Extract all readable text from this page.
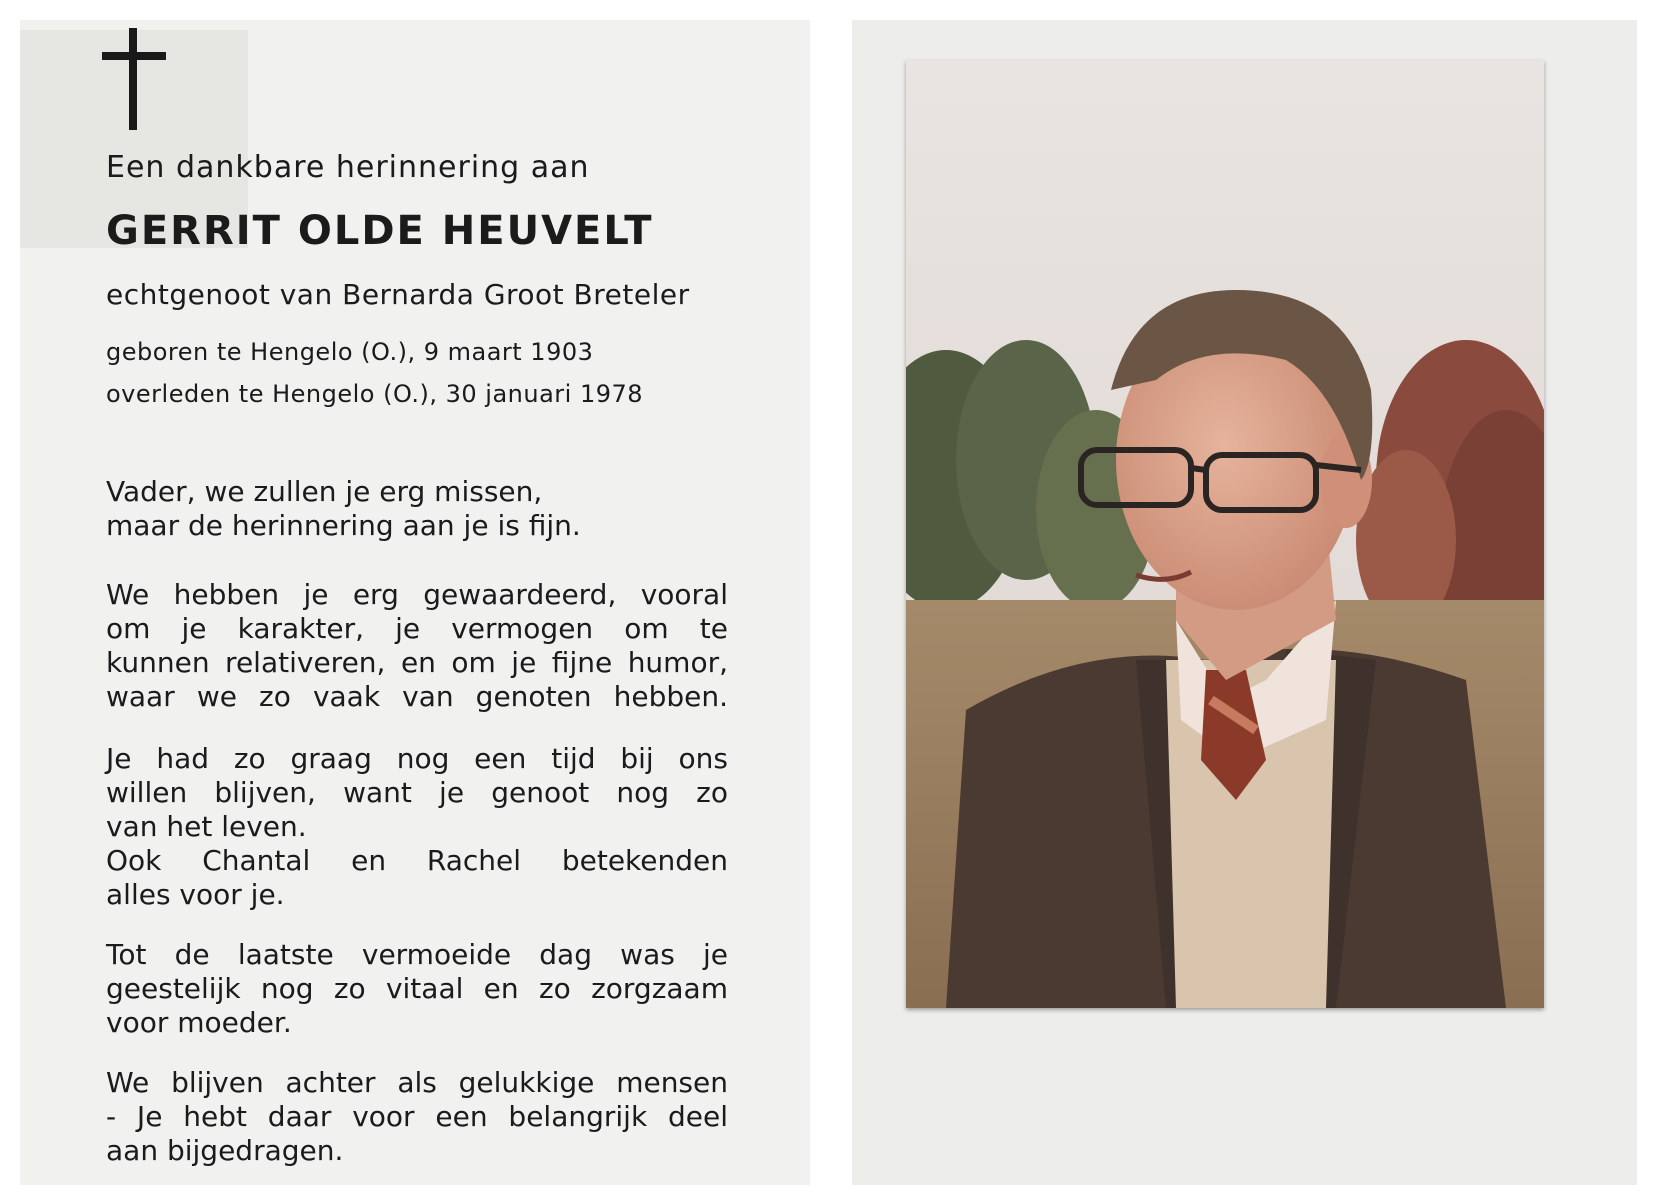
Een dankbare herinnering aan

GERRIT OLDE HEUVELT

echtgenoot van Bernarda Groot Breteler

geboren te Hengelo (O.), 9 maart 1903

overleden te Hengelo (O.), 30 januari 1978

Vader, we zullen je erg missen,
maar de herinnering aan je is fijn.
We hebben je erg gewaardeerd, vooral
om je karakter, je vermogen om te
kunnen relativeren, en om je fijne humor,
waar we zo vaak van genoten hebben.
Je had zo graag nog een tijd bij ons
willen blijven, want je genoot nog zo
van het leven.
Ook Chantal en Rachel betekenden
alles voor je.
Tot de laatste vermoeide dag was je
geestelijk nog zo vitaal en zo zorgzaam
voor moeder.
We blijven achter als gelukkige mensen
- Je hebt daar voor een belangrijk deel
aan bijgedragen.
